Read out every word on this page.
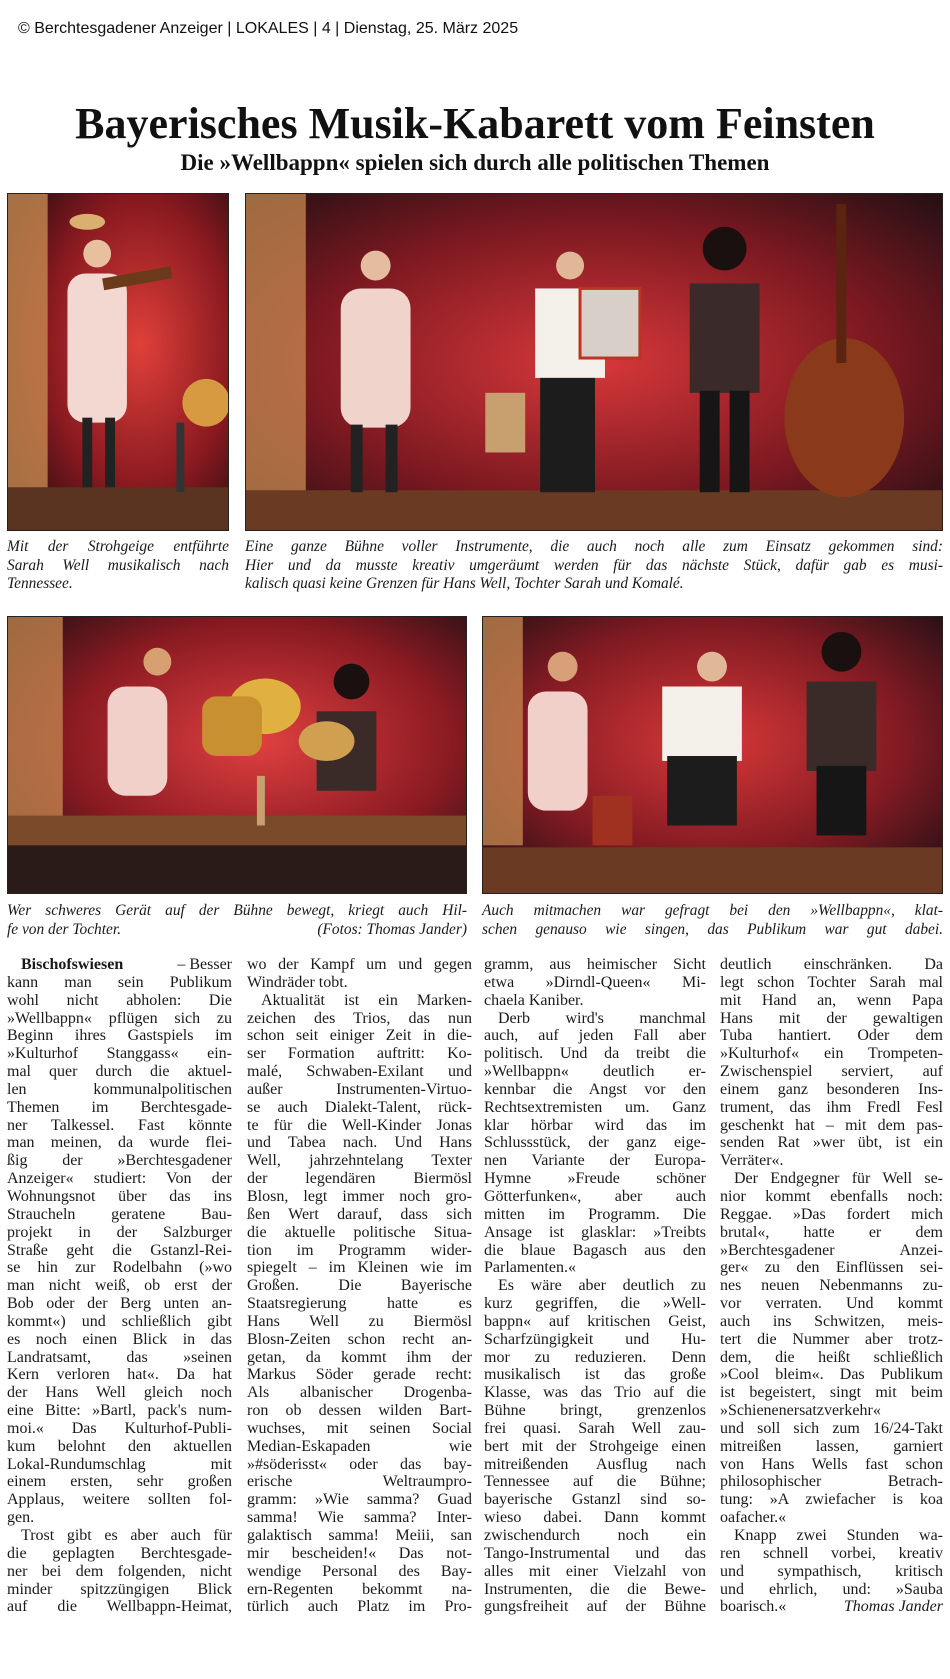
© Berchtesgadener Anzeiger | LOKALES | 4 | Dienstag, 25. März 2025
Bayerisches Musik-Kabarett vom Feinsten
Die »Wellbappn« spielen sich durch alle politischen Themen
Mit der Strohgeige entführte
Sarah Well musikalisch nach
Tennessee.
Eine ganze Bühne voller Instrumente, die auch noch alle zum Einsatz gekommen sind:
Hier und da musste kreativ umgeräumt werden für das nächste Stück, dafür gab es musi-
kalisch quasi keine Grenzen für Hans Well, Tochter Sarah und Komalé.
Wer schweres Gerät auf der Bühne bewegt, kriegt auch Hil-
fe von der Tochter.	(Fotos: Thomas Jander)
Auch mitmachen war gefragt bei den »Wellbappn«, klat-
schen genauso wie singen, das Publikum war gut dabei.
Bischofswiesen	– Besser
kann man sein Publikum
wohl nicht abholen: Die
»Wellbappn« pflügen sich zu
Beginn ihres Gastspiels im
»Kulturhof Stanggass« ein-
mal quer durch die aktuel-
len kommunalpolitischen
Themen im Berchtesgade-
ner Talkessel. Fast könnte
man meinen, da wurde flei-
ßig der »Berchtesgadener
Anzeiger« studiert: Von der
Wohnungsnot über das ins
Straucheln geratene Bau-
projekt in der Salzburger
Straße geht die Gstanzl-Rei-
se hin zur Rodelbahn (»wo
man nicht weiß, ob erst der
Bob oder der Berg unten an-
kommt«) und schließlich gibt
es noch einen Blick in das
Landratsamt, das »seinen
Kern verloren hat«. Da hat
der Hans Well gleich noch
eine Bitte: »Bartl, pack's num-
moi.« Das Kulturhof-Publi-
kum belohnt den aktuellen
Lokal-Rundumschlag mit
einem ersten, sehr großen
Applaus, weitere sollten fol-
gen.
Trost gibt es aber auch für
die geplagten Berchtesgade-
ner bei dem folgenden, nicht
minder spitzzüngigen Blick
auf die Wellbappn-Heimat,
wo der Kampf um und gegen
Windräder tobt.
Aktualität ist ein Marken-
zeichen des Trios, das nun
schon seit einiger Zeit in die-
ser Formation auftritt: Ko-
malé, Schwaben-Exilant und
außer Instrumenten-Virtuo-
se auch Dialekt-Talent, rück-
te für die Well-Kinder Jonas
und Tabea nach. Und Hans
Well, jahrzehntelang Texter
der legendären Biermösl
Blosn, legt immer noch gro-
ßen Wert darauf, dass sich
die aktuelle politische Situa-
tion im Programm wider-
spiegelt – im Kleinen wie im
Großen. Die Bayerische
Staatsregierung hatte es
Hans Well zu Biermösl
Blosn-Zeiten schon recht an-
getan, da kommt ihm der
Markus Söder gerade recht:
Als albanischer Drogenba-
ron ob dessen wilden Bart-
wuchses, mit seinen Social
Median-Eskapaden wie
»#söderisst« oder das bay-
erische Weltraumpro-
gramm: »Wie samma? Guad
samma! Wie samma? Inter-
galaktisch samma! Meiii, san
mir bescheiden!« Das not-
wendige Personal des Bay-
ern-Regenten bekommt na-
türlich auch Platz im Pro-
gramm, aus heimischer Sicht
etwa »Dirndl-Queen« Mi-
chaela Kaniber.
Derb wird's manchmal
auch, auf jeden Fall aber
politisch. Und da treibt die
»Wellbappn« deutlich er-
kennbar die Angst vor den
Rechtsextremisten um. Ganz
klar hörbar wird das im
Schlussstück, der ganz eige-
nen Variante der Europa-
Hymne »Freude schöner
Götterfunken«, aber auch
mitten im Programm. Die
Ansage ist glasklar: »Treibts
die blaue Bagasch aus den
Parlamenten.«
Es wäre aber deutlich zu
kurz gegriffen, die »Well-
bappn« auf kritischen Geist,
Scharfzüngigkeit und Hu-
mor zu reduzieren. Denn
musikalisch ist das große
Klasse, was das Trio auf die
Bühne bringt, grenzenlos
frei quasi. Sarah Well zau-
bert mit der Strohgeige einen
mitreißenden Ausflug nach
Tennessee auf die Bühne;
bayerische Gstanzl sind so-
wieso dabei. Dann kommt
zwischendurch noch ein
Tango-Instrumental und das
alles mit einer Vielzahl von
Instrumenten, die die Bewe-
gungsfreiheit auf der Bühne
deutlich einschränken. Da
legt schon Tochter Sarah mal
mit Hand an, wenn Papa
Hans mit der gewaltigen
Tuba hantiert. Oder dem
»Kulturhof« ein Trompeten-
Zwischenspiel serviert, auf
einem ganz besonderen Ins-
trument, das ihm Fredl Fesl
geschenkt hat – mit dem pas-
senden Rat »wer übt, ist ein
Verräter«.
Der Endgegner für Well se-
nior kommt ebenfalls noch:
Reggae. »Das fordert mich
brutal«, hatte er dem
»Berchtesgadener Anzei-
ger« zu den Einflüssen sei-
nes neuen Nebenmanns zu-
vor verraten. Und kommt
auch ins Schwitzen, meis-
tert die Nummer aber trotz-
dem, die heißt schließlich
»Cool bleim«. Das Publikum
ist begeistert, singt mit beim
»Schienenersatzverkehr«
und soll sich zum 16/24-Takt
mitreißen lassen, garniert
von Hans Wells fast schon
philosophischer Betrach-
tung: »A zwiefacher is koa
oafacher.«
Knapp zwei Stunden wa-
ren schnell vorbei, kreativ
und sympathisch, kritisch
und ehrlich, und: »Sauba
boarisch.«	Thomas Jander
